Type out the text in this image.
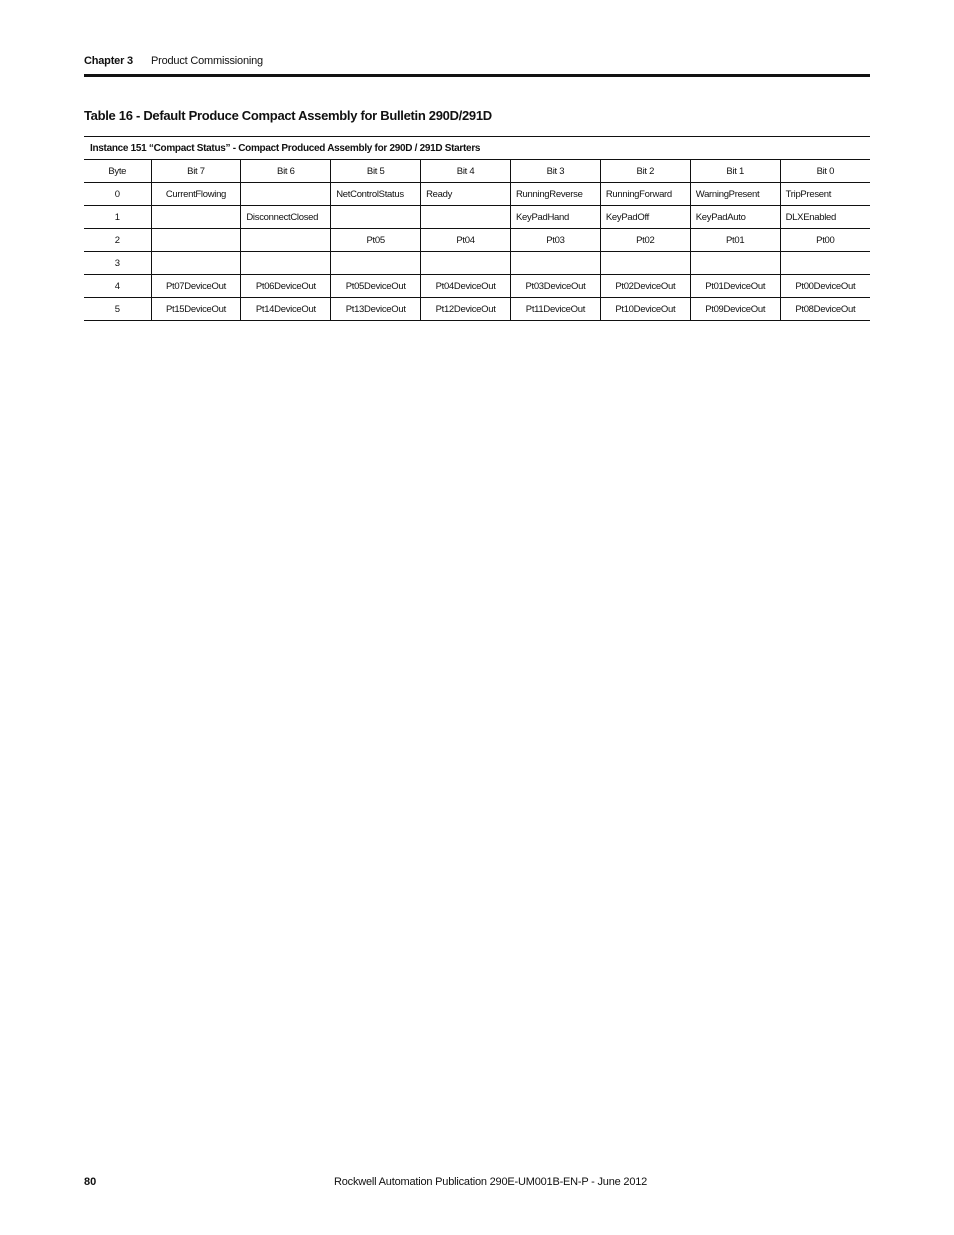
Chapter 3 Product Commissioning
Table 16 - Default Produce Compact Assembly for Bulletin 290D/291D
Instance 151 “Compact Status” - Compact Produced Assembly for 290D / 291D Starters								
Byte	Bit 7	Bit 6	Bit 5	Bit 4	Bit 3	Bit 2	Bit 1	Bit 0
0	CurrentFlowing		NetControlStatus	Ready	RunningReverse	RunningForward	WarningPresent	TripPresent
1		DisconnectClosed			KeyPadHand	KeyPadOff	KeyPadAuto	DLXEnabled
2			Pt05	Pt04	Pt03	Pt02	Pt01	Pt00
3								
4	Pt07DeviceOut	Pt06DeviceOut	Pt05DeviceOut	Pt04DeviceOut	Pt03DeviceOut	Pt02DeviceOut	Pt01DeviceOut	Pt00DeviceOut
5	Pt15DeviceOut	Pt14DeviceOut	Pt13DeviceOut	Pt12DeviceOut	Pt11DeviceOut	Pt10DeviceOut	Pt09DeviceOut	Pt08DeviceOut
80	Rockwell Automation Publication 290E-UM001B-EN-P - June 2012
